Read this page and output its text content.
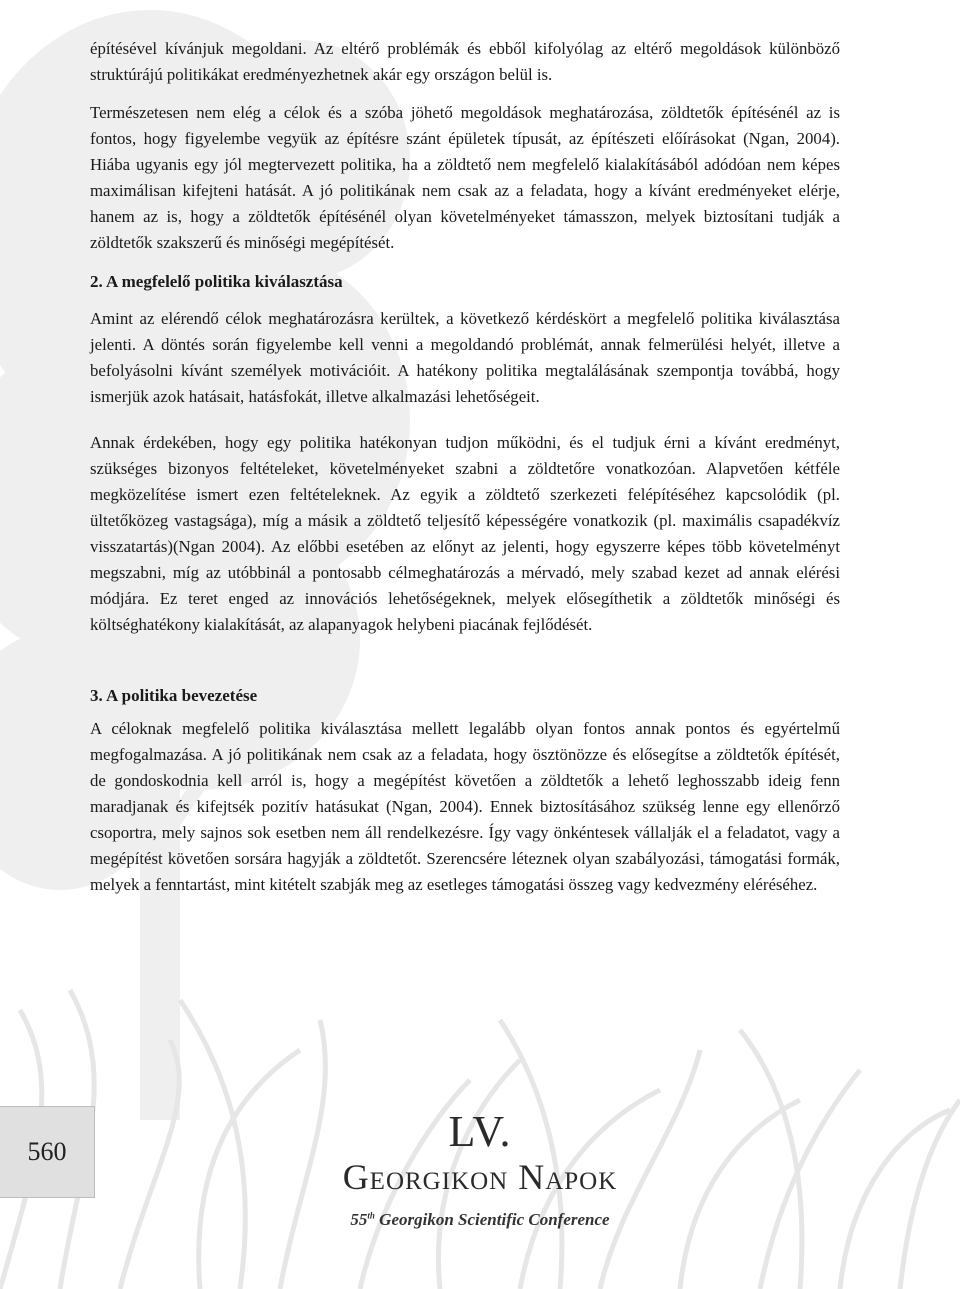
építésével kívánjuk megoldani. Az eltérő problémák és ebből kifolyólag az eltérő megoldások különböző struktúrájú politikákat eredményezhetnek akár egy országon belül is.

Természetesen nem elég a célok és a szóba jöhető megoldások meghatározása, zöldtetők építésénél az is fontos, hogy figyelembe vegyük az építésre szánt épületek típusát, az építészeti előírásokat (Ngan, 2004). Hiába ugyanis egy jól megtervezett politika, ha a zöldtető nem megfelelő kialakításából adódóan nem képes maximálisan kifejteni hatását. A jó politikának nem csak az a feladata, hogy a kívánt eredményeket elérje, hanem az is, hogy a zöldtetők építésénél olyan követelményeket támasszon, melyek biztosítani tudják a zöldtetők szakszerű és minőségi megépítését.

2. A megfelelő politika kiválasztása

Amint az elérendő célok meghatározásra kerültek, a következő kérdéskört a megfelelő politika kiválasztása jelenti. A döntés során figyelembe kell venni a megoldandó problémát, annak felmerülési helyét, illetve a befolyásolni kívánt személyek motivációit. A hatékony politika megtalálásának szempontja továbbá, hogy ismerjük azok hatásait, hatásfokát, illetve alkalmazási lehetőségeit.

Annak érdekében, hogy egy politika hatékonyan tudjon működni, és el tudjuk érni a kívánt eredményt, szükséges bizonyos feltételeket, követelményeket szabni a zöldtetőre vonatkozóan. Alapvetően kétféle megközelítése ismert ezen feltételeknek. Az egyik a zöldtető szerkezeti felépítéséhez kapcsolódik (pl. ültetőközeg vastagsága), míg a másik a zöldtető teljesítő képességére vonatkozik (pl. maximális csapadékvíz visszatartás)(Ngan 2004). Az előbbi esetében az előnyt az jelenti, hogy egyszerre képes több követelményt megszabni, míg az utóbbinál a pontosabb célmeghatározás a mérvadó, mely szabad kezet ad annak elérési módjára. Ez teret enged az innovációs lehetőségeknek, melyek elősegíthetik a zöldtetők minőségi és költséghatékony kialakítását, az alapanyagok helybeni piacának fejlődését.

3. A politika bevezetése

A céloknak megfelelő politika kiválasztása mellett legalább olyan fontos annak pontos és egyértelmű megfogalmazása. A jó politikának nem csak az a feladata, hogy ösztönözze és elősegítse a zöldtetők építését, de gondoskodnia kell arról is, hogy a megépítést követően a zöldtetők a lehető leghosszabb ideig fenn maradjanak és kifejtsék pozitív hatásukat (Ngan, 2004). Ennek biztosításához szükség lenne egy ellenőrző csoportra, mely sajnos sok esetben nem áll rendelkezésre. Így vagy önkéntesek vállalják el a feladatot, vagy a megépítést követően sorsára hagyják a zöldtetőt. Szerencsére léteznek olyan szabályozási, támogatási formák, melyek a fenntartást, mint kitételt szabják meg az esetleges támogatási összeg vagy kedvezmény eléréséhez.

560	LV.
Georgikon Napok
55th Georgikon Scientific Conference
